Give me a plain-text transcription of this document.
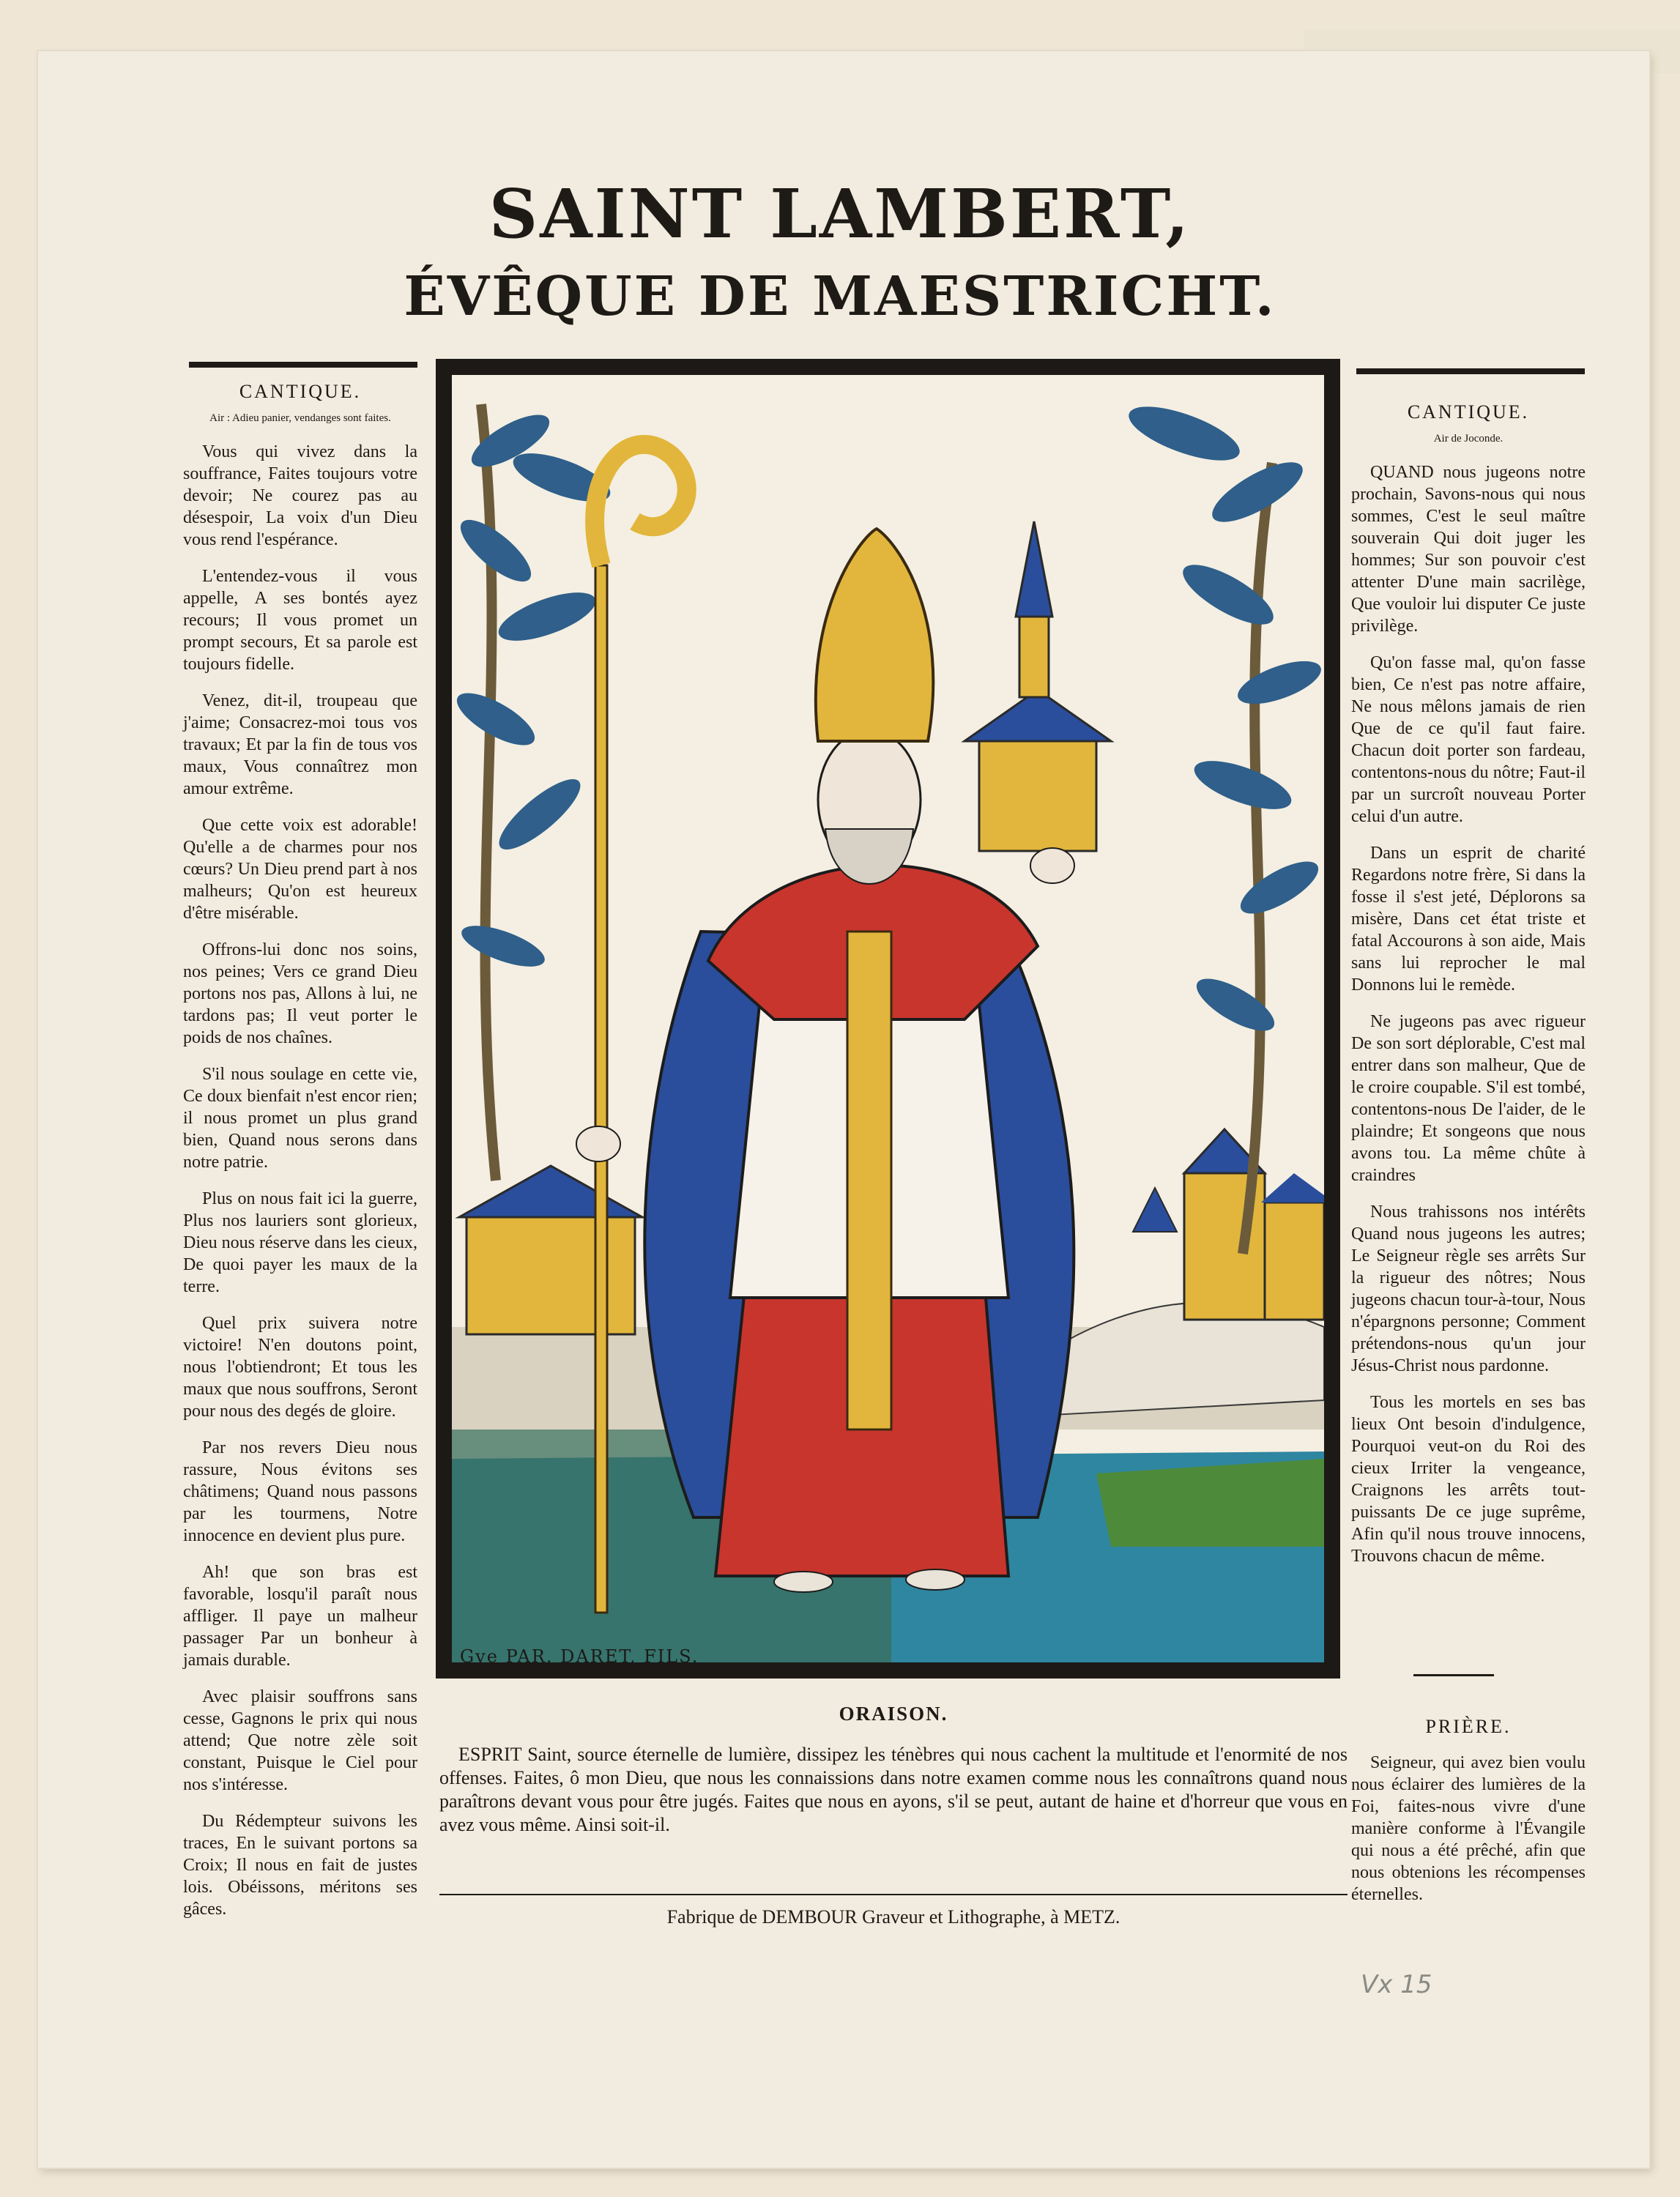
SAINT LAMBERT,
ÉVÊQUE DE MAESTRICHT.
CANTIQUE.
Air : Adieu panier, vendanges sont faites.

Vous qui vivez dans la souffrance, Faites toujours votre devoir; Ne courez pas au désespoir, La voix d'un Dieu vous rend l'espérance.

L'entendez-vous il vous appelle, A ses bontés ayez recours; Il vous promet un prompt secours, Et sa parole est toujours fidelle.

Venez, dit-il, troupeau que j'aime; Consacrez-moi tous vos travaux; Et par la fin de tous vos maux, Vous connaîtrez mon amour extrême.

Que cette voix est adorable! Qu'elle a de charmes pour nos cœurs? Un Dieu prend part à nos malheurs; Qu'on est heureux d'être misérable.

Offrons-lui donc nos soins, nos peines; Vers ce grand Dieu portons nos pas, Allons à lui, ne tardons pas; Il veut porter le poids de nos chaînes.

S'il nous soulage en cette vie, Ce doux bienfait n'est encor rien; il nous promet un plus grand bien, Quand nous serons dans notre patrie.

Plus on nous fait ici la guerre, Plus nos lauriers sont glorieux, Dieu nous réserve dans les cieux, De quoi payer les maux de la terre.

Quel prix suivera notre victoire! N'en doutons point, nous l'obtiendront; Et tous les maux que nous souffrons, Seront pour nous des degés de gloire.

Par nos revers Dieu nous rassure, Nous évitons ses châtimens; Quand nous passons par les tourmens, Notre innocence en devient plus pure.

Ah! que son bras est favorable, losqu'il paraît nous affliger. Il paye un malheur passager Par un bonheur à jamais durable.

Avec plaisir souffrons sans cesse, Gagnons le prix qui nous attend; Que notre zèle soit constant, Puisque le Ciel pour nos s'intéresse.

Du Rédempteur suivons les traces, En le suivant portons sa Croix; Il nous en fait de justes lois. Obéissons, méritons ses gâces.

CANTIQUE.
Air de Joconde.

QUAND nous jugeons notre prochain, Savons-nous qui nous sommes, C'est le seul maître souverain Qui doit juger les hommes; Sur son pouvoir c'est attenter D'une main sacrilège, Que vouloir lui disputer Ce juste privilège.

Qu'on fasse mal, qu'on fasse bien, Ce n'est pas notre affaire, Ne nous mêlons jamais de rien Que de ce qu'il faut faire. Chacun doit porter son fardeau, contentons-nous du nôtre; Faut-il par un surcroît nouveau Porter celui d'un autre.

Dans un esprit de charité Regardons notre frère, Si dans la fosse il s'est jeté, Déplorons sa misère, Dans cet état triste et fatal Accourons à son aide, Mais sans lui reprocher le mal Donnons lui le remède.

Ne jugeons pas avec rigueur De son sort déplorable, C'est mal entrer dans son malheur, Que de le croire coupable. S'il est tombé, contentons-nous De l'aider, de le plaindre; Et songeons que nous avons tou. La même chûte à craindres

Nous trahissons nos intérêts Quand nous jugeons les autres; Le Seigneur règle ses arrêts Sur la rigueur des nôtres; Nous jugeons chacun tour-à-tour, Nous n'épargnons personne; Comment prétendons-nous qu'un jour Jésus-Christ nous pardonne.

Tous les mortels en ses bas lieux Ont besoin d'indulgence, Pourquoi veut-on du Roi des cieux Irriter la vengeance, Craignons les arrêts tout-puissants De ce juge suprême, Afin qu'il nous trouve innocens, Trouvons chacun de même.

Gve PAR. DARET, FILS.
ORAISON.
ESPRIT Saint, source éternelle de lumière, dissipez les ténèbres qui nous cachent la multitude et l'enormité de nos offenses. Faites, ô mon Dieu, que nous les connaissions dans notre examen comme nous les connaîtrons quand nous paraîtrons devant vous pour être jugés. Faites que nous en ayons, s'il se peut, autant de haine et d'horreur que vous en avez vous même. Ainsi soit-il.
Fabrique de DEMBOUR Graveur et Lithographe, à METZ.
PRIÈRE.
Seigneur, qui avez bien voulu nous éclairer des lumières de la Foi, faites-nous vivre d'une manière conforme à l'Évangile qui nous a été prêché, afin que nous obtenions les récompenses éternelles.
Vx 15
